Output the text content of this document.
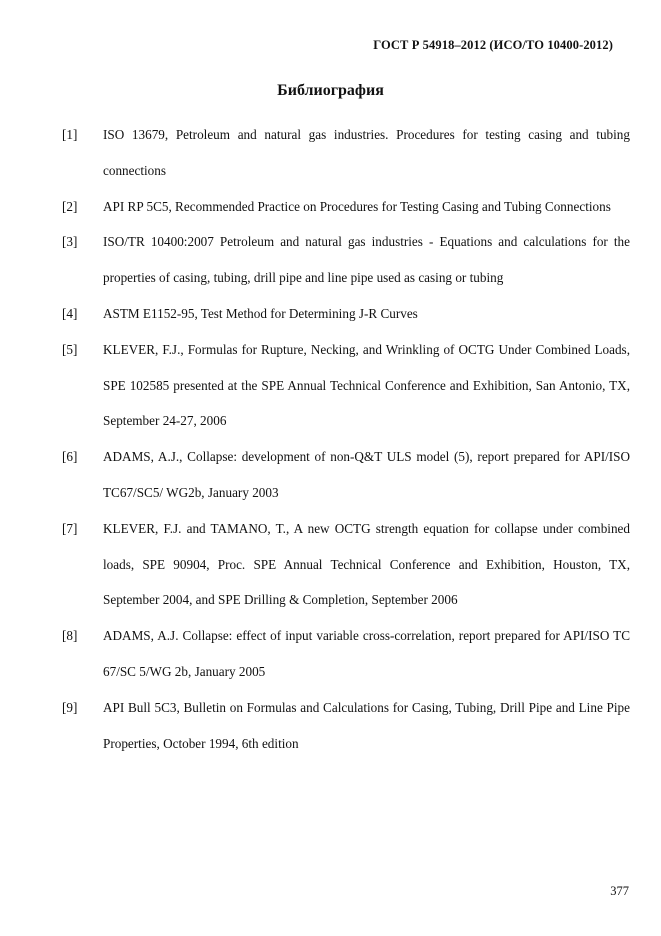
ГОСТ Р 54918–2012 (ИСО/ТО 10400-2012)
Библиография
[1]	ISO 13679, Petroleum and natural gas industries. Procedures for testing casing and tubing connections
[2]	API RP 5C5, Recommended Practice on Procedures for Testing Casing and Tubing Connections
[3]	ISO/TR 10400:2007 Petroleum and natural gas industries - Equations and calculations for the properties of casing, tubing, drill pipe and line pipe used as casing or tubing
[4]	ASTM E1152-95, Test Method for Determining J-R Curves
[5]	KLEVER, F.J., Formulas for Rupture, Necking, and Wrinkling of OCTG Under Combined Loads, SPE 102585 presented at the SPE Annual Technical Conference and Exhibition, San Antonio, TX, September 24-27, 2006
[6]	ADAMS, A.J., Collapse: development of non-Q&T ULS model (5), report prepared for API/ISO TC67/SC5/ WG2b, January 2003
[7]	KLEVER, F.J. and TAMANO, T., A new OCTG strength equation for collapse under combined loads, SPE 90904, Proc. SPE Annual Technical Conference and Exhibition, Houston, TX, September 2004, and SPE Drilling & Completion, September 2006
[8]	ADAMS, A.J. Collapse: effect of input variable cross-correlation, report prepared for API/ISO TC 67/SC 5/WG 2b, January 2005
[9]	API Bull 5C3, Bulletin on Formulas and Calculations for Casing, Tubing, Drill Pipe and Line Pipe Properties, October 1994, 6th edition
377
